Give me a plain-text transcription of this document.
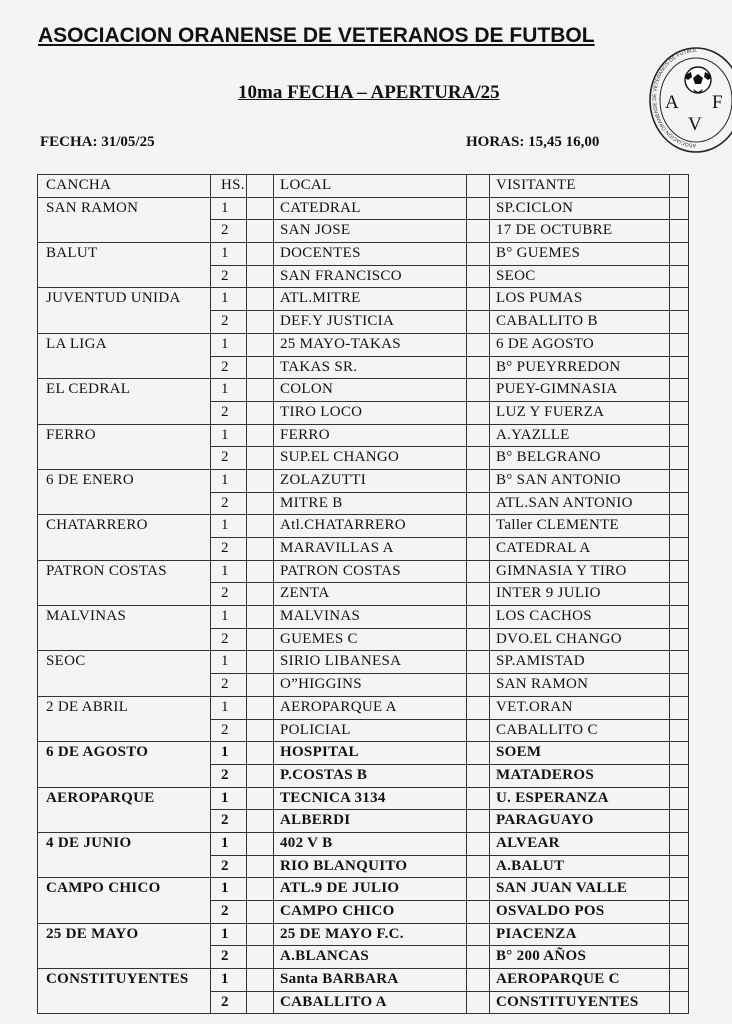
ASOCIACION ORANENSE DE VETERANOS DE FUTBOL
10ma FECHA – APERTURA/25
FECHA: 31/05/25	HORAS: 15,45 16,00	ASOCIACION ORANENSE DE VETERANOS DE FUTBOL
A
V
F
CANCHA	HS.		LOCAL		VISITANTE	
SAN RAMON	1		CATEDRAL		SP.CICLON	
	2		SAN JOSE		17 DE OCTUBRE	
BALUT	1		DOCENTES		B° GUEMES	
	2		SAN FRANCISCO		SEOC	
JUVENTUD UNIDA	1		ATL.MITRE		LOS PUMAS	
	2		DEF.Y JUSTICIA		CABALLITO B	
LA LIGA	1		25 MAYO-TAKAS		6 DE AGOSTO	
	2		TAKAS SR.		B° PUEYRREDON	
EL CEDRAL	1		COLON		PUEY-GIMNASIA	
	2		TIRO LOCO		LUZ Y FUERZA	
FERRO	1		FERRO		A.YAZLLE	
	2		SUP.EL CHANGO		B° BELGRANO	
6 DE ENERO	1		ZOLAZUTTI		B° SAN ANTONIO	
	2		MITRE B		ATL.SAN ANTONIO	
CHATARRERO	1		Atl.CHATARRERO		Taller CLEMENTE	
	2		MARAVILLAS A		CATEDRAL A	
PATRON COSTAS	1		PATRON COSTAS		GIMNASIA Y TIRO	
	2		ZENTA		INTER 9 JULIO	
MALVINAS	1		MALVINAS		LOS CACHOS	
	2		GUEMES C		DVO.EL CHANGO	
SEOC	1		SIRIO LIBANESA		SP.AMISTAD	
	2		O”HIGGINS		SAN RAMON	
2 DE ABRIL	1		AEROPARQUE A		VET.ORAN	
	2		POLICIAL		CABALLITO C	
6 DE AGOSTO	1		HOSPITAL		SOEM	
	2		P.COSTAS B		MATADEROS	
AEROPARQUE	1		TECNICA 3134		U. ESPERANZA	
	2		ALBERDI		PARAGUAYO	
4 DE JUNIO	1		402 V B		ALVEAR	
	2		RIO BLANQUITO		A.BALUT	
CAMPO CHICO	1		ATL.9 DE JULIO		SAN JUAN VALLE	
	2		CAMPO CHICO		OSVALDO POS	
25 DE MAYO	1		25 DE MAYO F.C.		PIACENZA	
	2		A.BLANCAS		B° 200 AÑOS	
CONSTITUYENTES	1		Santa BARBARA		AEROPARQUE C	
	2		CABALLITO A		CONSTITUYENTES	
